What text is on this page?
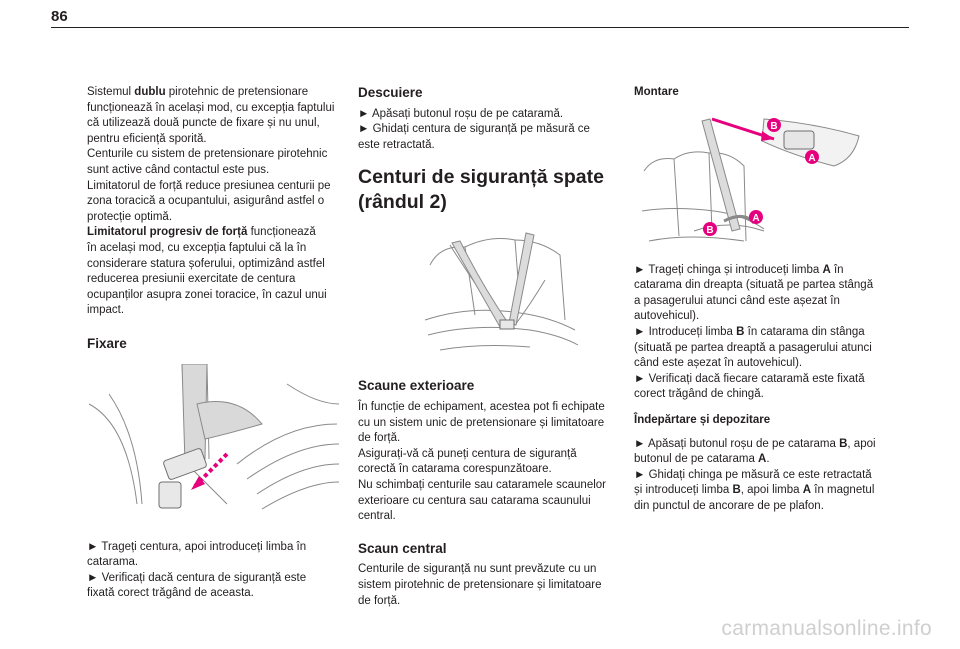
86

Sistemul dublu pirotehnic de pretensionare

funcționează în același mod, cu excepția faptului

că utilizează două puncte de fixare și nu unul,

pentru eficiență sporită.

Centurile cu sistem de pretensionare pirotehnic

sunt active când contactul este pus.

Limitatorul de forță reduce presiunea centurii pe

zona toracică a ocupantului, asigurând astfel o

protecție optimă.

Limitatorul progresiv de forță funcționează

în același mod, cu excepția faptului că la în

considerare statura șoferului, optimizând astfel

reducerea presiunii exercitate de centura

ocupanților asupra zonei toracice, în cazul unui

impact.

Fixare

► Trageți centura, apoi introduceți limba în

catarama.

► Verificați dacă centura de siguranță este

fixată corect trăgând de aceasta.

Descuiere

► Apăsați butonul roșu de pe cataramă.

► Ghidați centura de siguranță pe măsură ce

este retractată.

Centuri de siguranță spate
(rândul 2)
Scaune exterioare

În funcție de echipament, acestea pot fi echipate

cu un sistem unic de pretensionare și limitatoare

de forță.

Asigurați-vă că puneți centura de siguranță

corectă în catarama corespunzătoare.

Nu schimbați centurile sau cataramele scaunelor

exterioare cu centura sau catarama scaunului

central.

Scaun central

Centurile de siguranță nu sunt prevăzute cu un

sistem pirotehnic de pretensionare și limitatoare

de forță.

Montare
B
A
B
A

► Trageți chinga și introduceți limba A în

catarama din dreapta (situată pe partea stângă

a pasagerului atunci când este așezat în

autovehicul).

► Introduceți limba B în catarama din stânga

(situată pe partea dreaptă a pasagerului atunci

când este așezat în autovehicul).

► Verificați dacă fiecare cataramă este fixată

corect trăgând de chingă.

Îndepărtare și depozitare

► Apăsați butonul roșu de pe catarama B, apoi

butonul de pe catarama A.

► Ghidați chinga pe măsură ce este retractată

și introduceți limba B, apoi limba A în magnetul

din punctul de ancorare de pe plafon.

carmanualsonline.info
